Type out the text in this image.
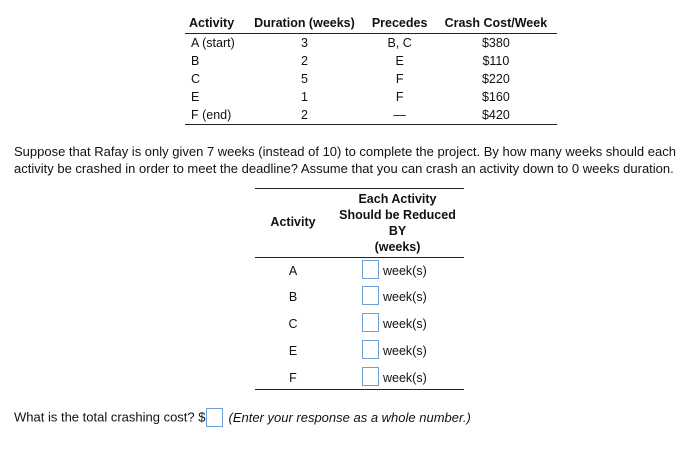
Activity	Duration (weeks)	Precedes	Crash Cost/Week
A (start)	3	B, C	$380
B	2	E	$110
C	5	F	$220
E	1	F	$160
F (end)	2	—	$420

Suppose that Rafay is only given 7 weeks (instead of 10) to complete the project. By how many weeks should each activity be crashed in order to meet the deadline? Assume that you can crash an activity down to 0 weeks duration.

Activity
Each Activity
Should be Reduced
BY
(weeks)
A	week(s)
B	week(s)
C	week(s)
E	week(s)
F	week(s)
What is the total crashing cost? $ (Enter your response as a whole number.)
